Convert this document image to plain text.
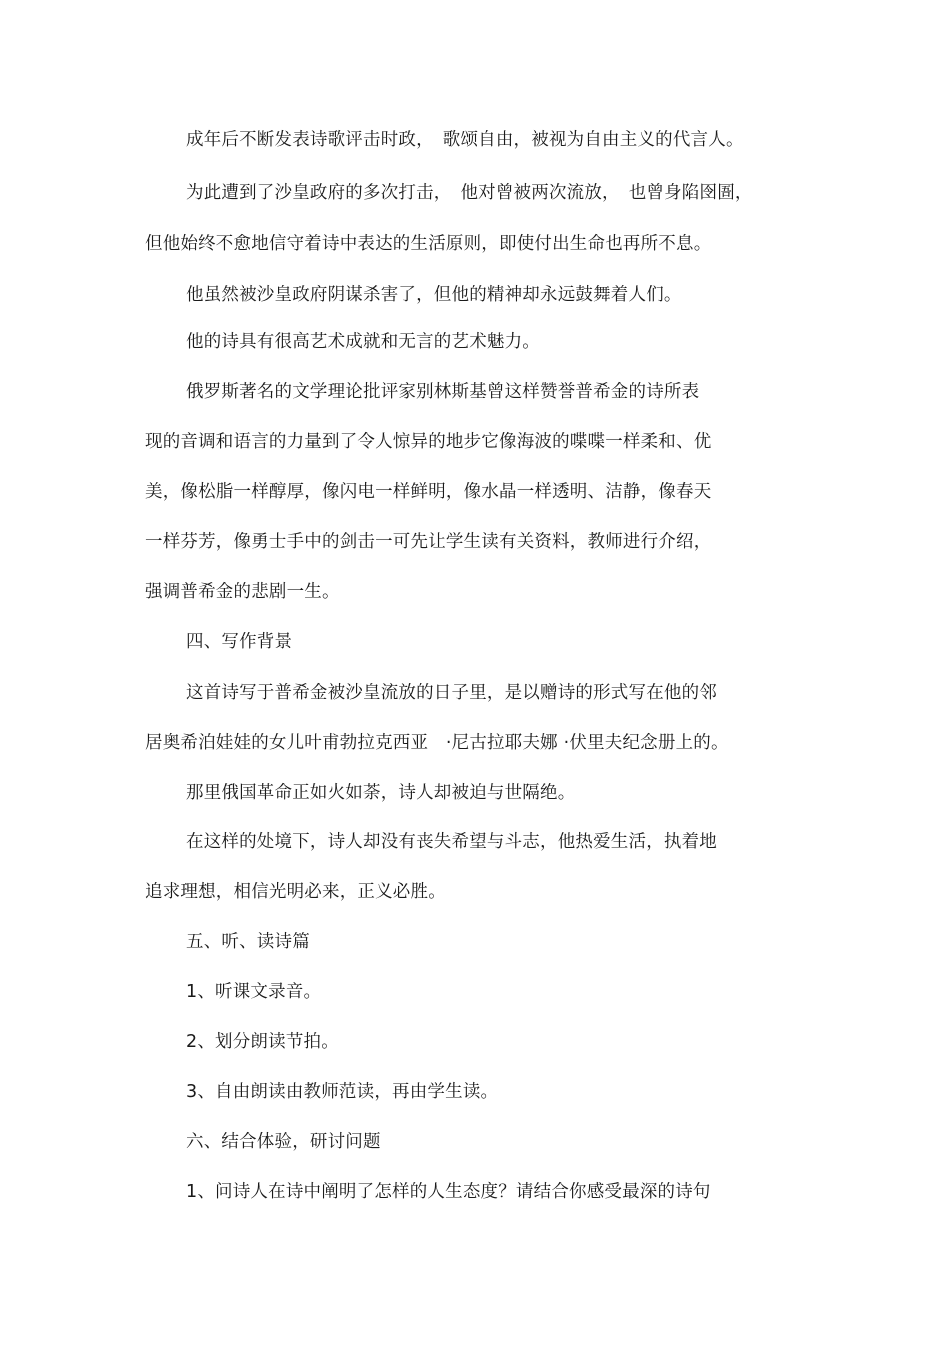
成年后不断发表诗歌评击时政，　歌颂自由，被视为自由主义的代言人。
为此遭到了沙皇政府的多次打击，　他对曾被两次流放，　也曾身陷囹圄，
但他始终不愈地信守着诗中表达的生活原则，即使付出生命也再所不息。
他虽然被沙皇政府阴谋杀害了，但他的精神却永远鼓舞着人们。
他的诗具有很高艺术成就和无言的艺术魅力。
俄罗斯著名的文学理论批评家别林斯基曾这样赞誉普希金的诗所表
现的音调和语言的力量到了令人惊异的地步它像海波的喋喋一样柔和、优
美，像松脂一样醇厚，像闪电一样鲜明，像水晶一样透明、洁静，像春天
一样芬芳，像勇士手中的剑击一可先让学生读有关资料，教师进行介绍，
强调普希金的悲剧一生。
四、写作背景
这首诗写于普希金被沙皇流放的日子里，是以赠诗的形式写在他的邻
居奥希泊娃娃的女儿叶甫勃拉克西亚　·尼古拉耶夫娜 ·伏里夫纪念册上的。
那里俄国革命正如火如荼，诗人却被迫与世隔绝。
在这样的处境下，诗人却没有丧失希望与斗志，他热爱生活，执着地
追求理想，相信光明必来，正义必胜。
五、听、读诗篇
1、听课文录音。
2、划分朗读节拍。
3、自由朗读由教师范读，再由学生读。
六、结合体验，研讨问题
1、问诗人在诗中阐明了怎样的人生态度？请结合你感受最深的诗句
